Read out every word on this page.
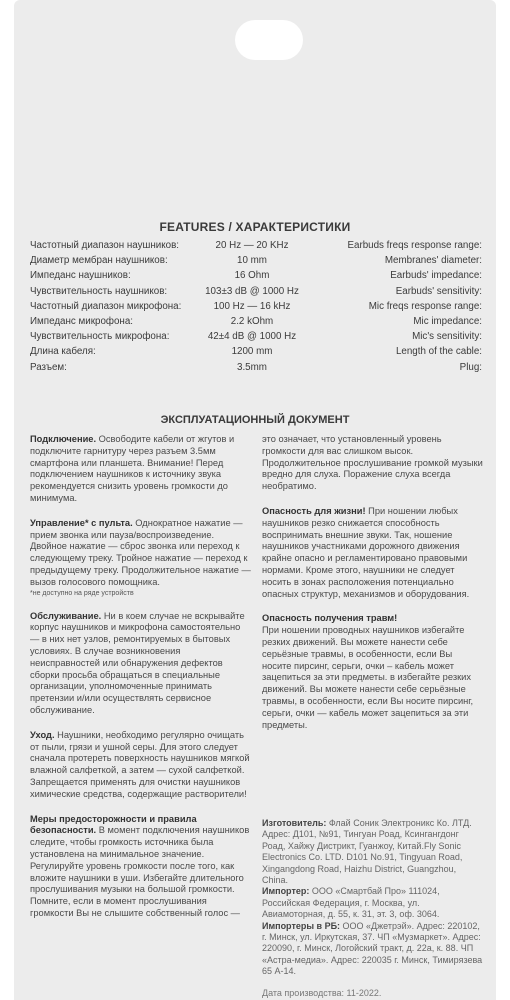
FEATURES / ХАРАКТЕРИСТИКИ
Частотный диапазон наушников:	20 Hz — 20 KHz	Earbuds freqs response range:
Диаметр мембран наушников:	10 mm	Membranes' diameter:
Импеданс наушников:	16 Ohm	Earbuds' impedance:
Чувствительность наушников:	103±3 dB @ 1000 Hz	Earbuds' sensitivity:
Частотный диапазон микрофона:	100 Hz — 16 kHz	Mic freqs response range:
Импеданс микрофона:	2.2 kOhm	Mic impedance:
Чувствительность микрофона:	42±4 dB @ 1000 Hz	Mic's sensitivity:
Длина кабеля:	1200 mm	Length of the cable:
Разъем:	3.5mm	Plug:
ЭКСПЛУАТАЦИОННЫЙ ДОКУМЕНТ

Подключение. Освободите кабели от жгутов и подключите гарнитуру через разъем 3.5мм смартфона или планшета. Внимание! Перед подключением наушников к источнику звука рекомендуется снизить уровень громкости до минимума.

Управление* с пульта. Однократное нажатие — прием звонка или пауза/воспроизведение. Двойное нажатие — сброс звонка или переход к следующему треку. Тройное нажатие — переход к предыдущему треку. Продолжительное нажатие — вызов голосового помощника.
*не доступно на ряде устройств

Обслуживание. Ни в коем случае не вскрывайте корпус наушников и микрофона самостоятельно — в них нет узлов, ремонтируемых в бытовых условиях. В случае возникновения неисправностей или обнаружения дефектов сборки просьба обращаться в специальные организации, уполномоченные принимать претензии и/или осуществлять сервисное обслуживание.

Уход. Наушники, необходимо регулярно очищать от пыли, грязи и ушной серы. Для этого следует сначала протереть поверхность наушников мягкой влажной салфеткой, а затем — сухой салфеткой. Запрещается применять для очистки наушников химические средства, содержащие растворители!

Меры предосторожности и правила безопасности. В момент подключения наушников следите, чтобы громкость источника была установлена на минимальное значение. Регулируйте уровень громкости после того, как вложите наушники в уши. Избегайте длительного прослушивания музыки на большой громкости. Помните, если в момент прослушивания громкости Вы не слышите собственный голос —

это означает, что установленный уровень громкости для вас слишком высок. Продолжительное прослушивание громкой музыки вредно для слуха. Поражение слуха всегда необратимо.

Опасность для жизни! При ношении любых наушников резко снижается способность воспринимать внешние звуки. Так, ношение наушников участниками дорожного движения крайне опасно и регламентировано правовыми нормами. Кроме этого, наушники не следует носить в зонах расположения потенциально опасных структур, механизмов и оборудования.

Опасность получения травм!
При ношении проводных наушников избегайте резких движений. Вы можете нанести себе серьёзные травмы, в особенности, если Вы носите пирсинг, серьги, очки – кабель может зацепиться за эти предметы. в избегайте резких движений. Вы можете нанести себе серьёзные травмы, в особенности, если Вы носите пирсинг, серьги, очки — кабель может зацепиться за эти предметы.

Изготовитель: Флай Соник Электроникс Ко. ЛТД. Адрес: Д101, №91, Тингуан Роад, Ксингангдонг Роад, Хайжу Дистрикт, Гуанжоу, Китай.Fly Sonic Electronics Co. LTD. D101 No.91, Tingyuan Road, Xingangdong Road, Haizhu District, Guangzhou, China.

Импортер: ООО «Смартбай Про» 111024, Российская Федерация, г. Москва, ул. Авиамоторная, д. 55, к. 31, эт. 3, оф. 3064.

Импортеры в РБ: ООО «Джетрэй». Адрес: 220102, г. Минск, ул. Иркутская, 37. ЧП «Музмаркет». Адрес: 220090, г. Минск, Логойский тракт, д. 22а, к. 88. ЧП «Астра-медиа». Адрес: 220035 г. Минск, Тимирязева 65 А-14.

Дата производства: 11-2022.
